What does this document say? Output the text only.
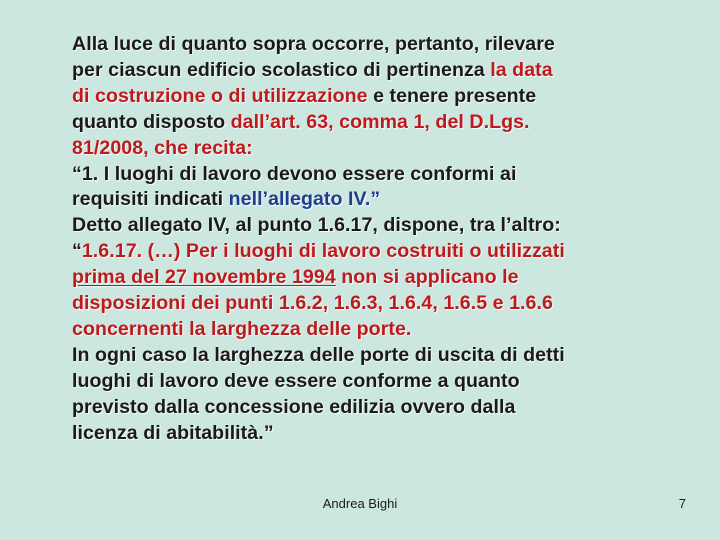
Alla luce di quanto sopra occorre, pertanto, rilevare
per ciascun edificio scolastico di pertinenza la data
di costruzione o di utilizzazione e tenere presente
quanto disposto dall’art. 63, comma 1, del D.Lgs.
81/2008, che recita:
“1. I luoghi di lavoro devono essere conformi ai
requisiti indicati nell’allegato IV.”
Detto allegato IV, al punto 1.6.17, dispone, tra l’altro:
“1.6.17. (…) Per i luoghi di lavoro costruiti o utilizzati
prima del 27 novembre 1994 non si applicano le
disposizioni dei punti 1.6.2, 1.6.3, 1.6.4, 1.6.5 e 1.6.6
concernenti la larghezza delle porte.
In ogni caso la larghezza delle porte di uscita di detti
luoghi di lavoro deve essere conforme a quanto
previsto dalla concessione edilizia ovvero dalla
licenza di abitabilità.”
Andrea Bighi	7
